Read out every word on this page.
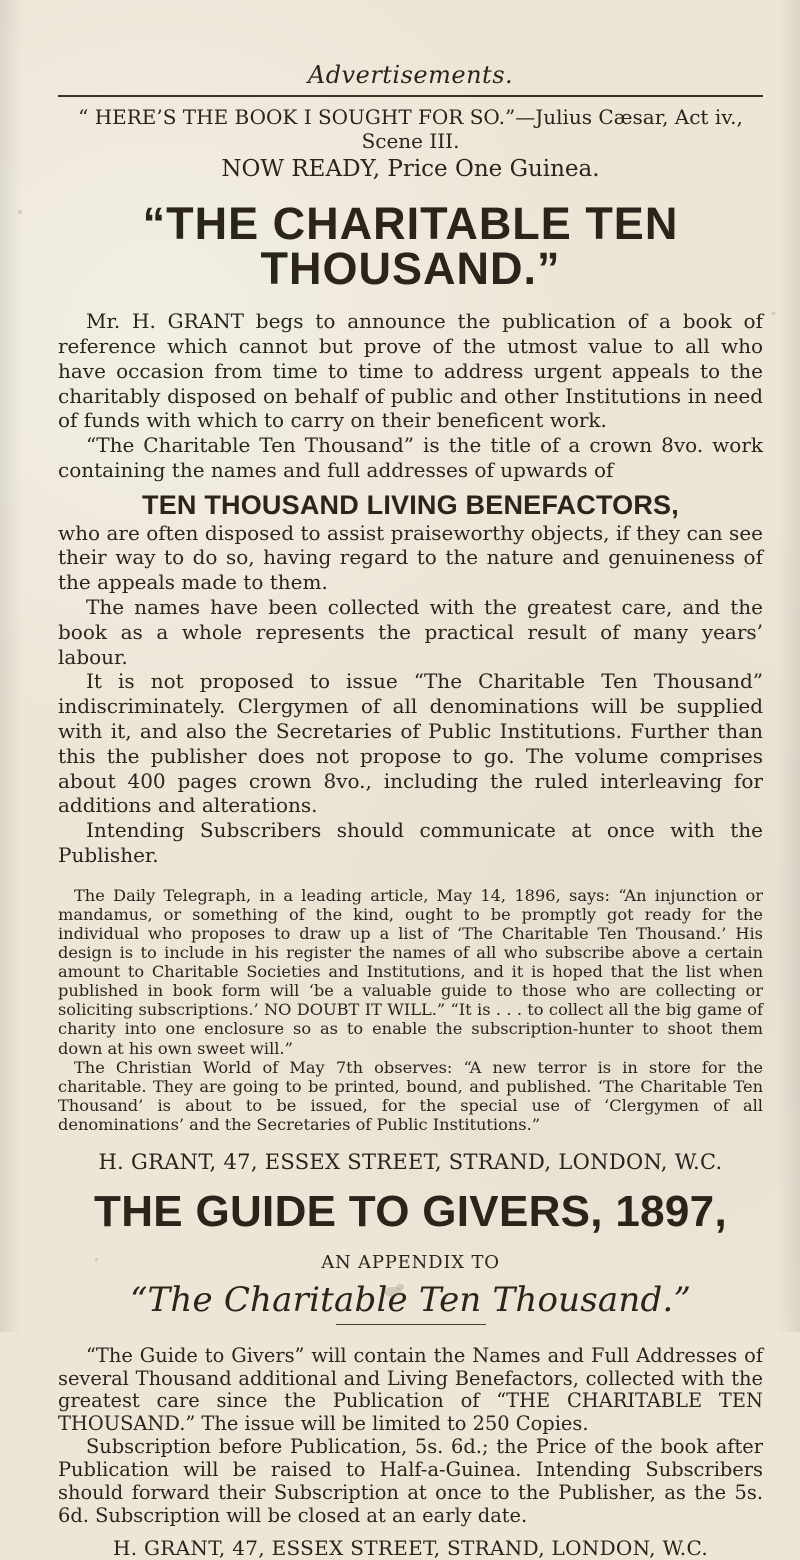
Advertisements.
“ HERE’S THE BOOK I SOUGHT FOR SO.”—Julius Cæsar, Act iv., Scene III.
NOW READY, Price One Guinea.
“THE CHARITABLE TEN THOUSAND.”

Mr. H. GRANT begs to announce the publication of a book of reference which cannot but prove of the utmost value to all who have occasion from time to time to address urgent appeals to the charitably disposed on behalf of public and other Institutions in need of funds with which to carry on their beneficent work.

“The Charitable Ten Thousand” is the title of a crown 8vo. work containing the names and full addresses of upwards of

TEN THOUSAND LIVING BENEFACTORS,

who are often disposed to assist praiseworthy objects, if they can see their way to do so, having regard to the nature and genuineness of the appeals made to them.

The names have been collected with the greatest care, and the book as a whole represents the practical result of many years’ labour.

It is not proposed to issue “The Charitable Ten Thousand” indiscriminately. Clergymen of all denominations will be supplied with it, and also the Secretaries of Public Institutions. Further than this the publisher does not propose to go. The volume comprises about 400 pages crown 8vo., including the ruled interleaving for additions and alterations.

Intending Subscribers should communicate at once with the Publisher.

The Daily Telegraph, in a leading article, May 14, 1896, says: “An injunction or mandamus, or something of the kind, ought to be promptly got ready for the individual who proposes to draw up a list of ‘The Charitable Ten Thousand.’ His design is to include in his register the names of all who subscribe above a certain amount to Charitable Societies and Institutions, and it is hoped that the list when published in book form will ‘be a valuable guide to those who are collecting or soliciting subscriptions.’ NO DOUBT IT WILL.” “It is . . . to collect all the big game of charity into one enclosure so as to enable the subscription-hunter to shoot them down at his own sweet will.”

The Christian World of May 7th observes: “A new terror is in store for the charitable. They are going to be printed, bound, and published. ‘The Charitable Ten Thousand’ is about to be issued, for the special use of ‘Clergymen of all denominations’ and the Secretaries of Public Institutions.”

H. GRANT, 47, ESSEX STREET, STRAND, LONDON, W.C.
THE GUIDE TO GIVERS, 1897,
AN APPENDIX TO
“The Charitable Ten Thousand.”

“The Guide to Givers” will contain the Names and Full Addresses of several Thousand additional and Living Benefactors, collected with the greatest care since the Publication of “THE CHARITABLE TEN THOUSAND.” The issue will be limited to 250 Copies.

Subscription before Publication, 5s. 6d.; the Price of the book after Publication will be raised to Half-a-Guinea. Intending Subscribers should forward their Subscription at once to the Publisher, as the 5s. 6d. Subscription will be closed at an early date.

H. GRANT, 47, ESSEX STREET, STRAND, LONDON, W.C.
